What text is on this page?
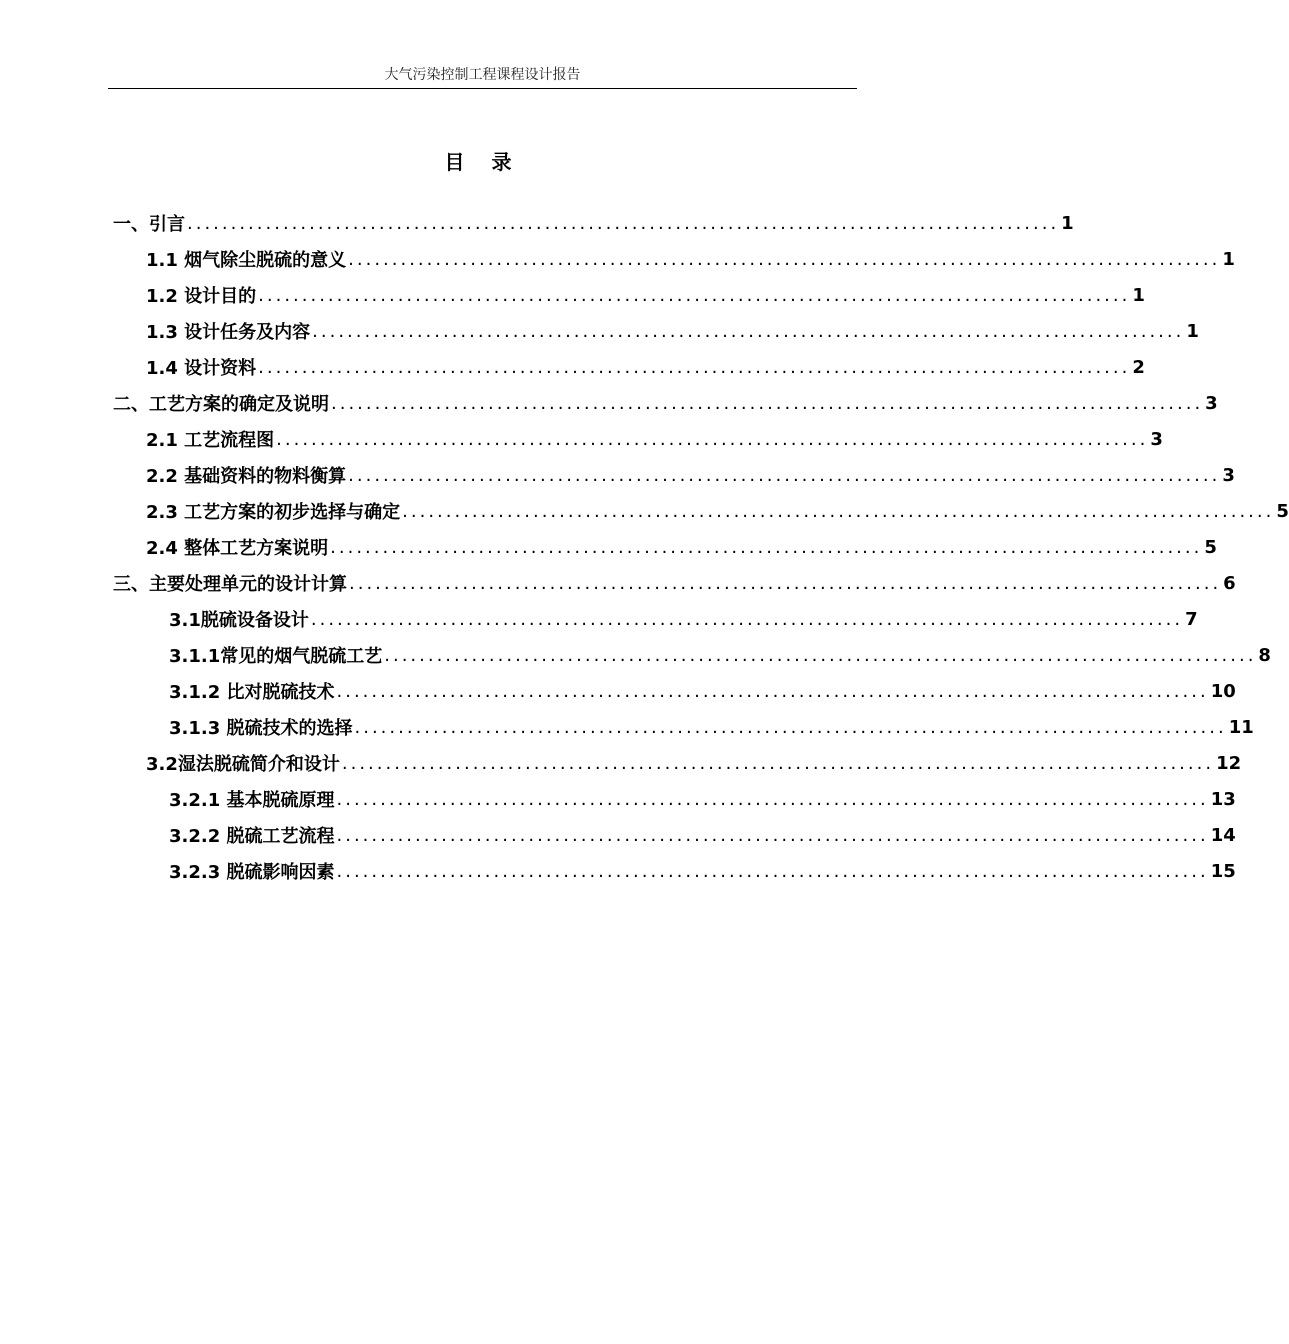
大气污染控制工程课程设计报告
目 录
一、引言 .................................................................................................... 1
1.1 烟气除尘脱硫的意义 .................................................................................................... 1
1.2 设计目的 .................................................................................................... 1
1.3 设计任务及内容 .................................................................................................... 1
1.4 设计资料 .................................................................................................... 2
二、工艺方案的确定及说明 .................................................................................................... 3
2.1 工艺流程图 .................................................................................................... 3
2.2 基础资料的物料衡算 .................................................................................................... 3
2.3 工艺方案的初步选择与确定 .................................................................................................... 5
2.4 整体工艺方案说明 .................................................................................................... 5
三、主要处理单元的设计计算 .................................................................................................... 6
3.1脱硫设备设计 .................................................................................................... 7
3.1.1常见的烟气脱硫工艺 .................................................................................................... 8
3.1.2 比对脱硫技术 .................................................................................................... 10
3.1.3 脱硫技术的选择 .................................................................................................... 11
3.2湿法脱硫简介和设计 .................................................................................................... 12
3.2.1 基本脱硫原理 .................................................................................................... 13
3.2.2 脱硫工艺流程 .................................................................................................... 14
3.2.3 脱硫影响因素 .................................................................................................... 15
